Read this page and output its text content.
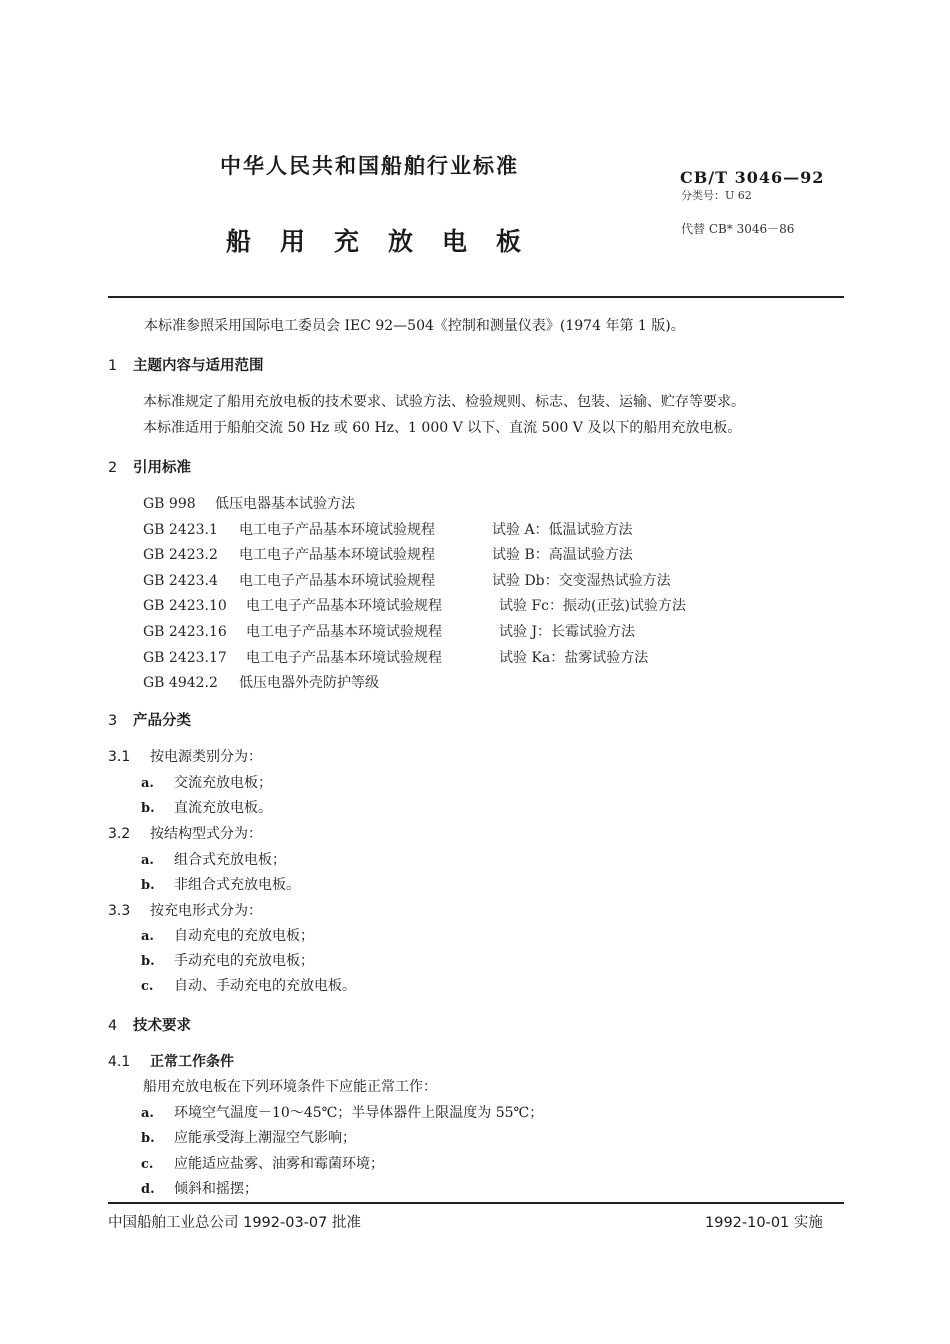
中华人民共和国船舶行业标准
船用充放电板
CB/T 3046—92
分类号：U 62
代替 CB* 3046－86
本标准参照采用国际电工委员会 IEC 92—504《控制和测量仪表》(1974 年第 1 版)。
1 主题内容与适用范围
本标准规定了船用充放电板的技术要求、试验方法、检验规则、标志、包装、运输、贮存等要求。
本标准适用于船舶交流 50 Hz 或 60 Hz、1 000 V 以下、直流 500 V 及以下的船用充放电板。
2 引用标准
GB 998 低压电器基本试验方法
GB 2423.1 电工电子产品基本环境试验规程	试验 A：低温试验方法
GB 2423.2 电工电子产品基本环境试验规程	试验 B：高温试验方法
GB 2423.4 电工电子产品基本环境试验规程	试验 Db：交变湿热试验方法
GB 2423.10 电工电子产品基本环境试验规程	试验 Fc：振动(正弦)试验方法
GB 2423.16 电工电子产品基本环境试验规程	试验 J：长霉试验方法
GB 2423.17 电工电子产品基本环境试验规程	试验 Ka：盐雾试验方法
GB 4942.2 低压电器外壳防护等级
3 产品分类
3.1 按电源类别分为：
a. 交流充放电板；
b. 直流充放电板。
3.2 按结构型式分为：
a. 组合式充放电板；
b. 非组合式充放电板。
3.3 按充电形式分为：
a. 自动充电的充放电板；
b. 手动充电的充放电板；
c. 自动、手动充电的充放电板。
4 技术要求
4.1 正常工作条件
船用充放电板在下列环境条件下应能正常工作：
a. 环境空气温度－10～45℃；半导体器件上限温度为 55℃；
b. 应能承受海上潮湿空气影响；
c. 应能适应盐雾、油雾和霉菌环境；
d. 倾斜和摇摆；
中国船舶工业总公司 1992-03-07 批准	1992-10-01 实施
